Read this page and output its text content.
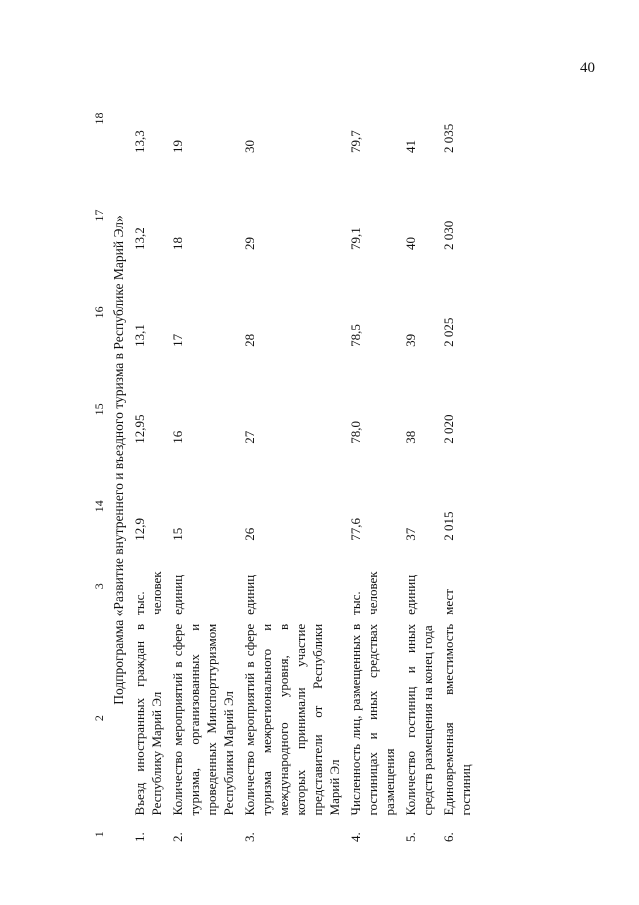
40
1	2	3	14	15	16	17	18
Подпрограмма «Развитие внутреннего и въездного туризма в Республике Марий Эл»							
1.	Въезд иностранных граждан в Республику Марий Эл	тыс. человек	12,9	12,95	13,1	13,2	13,3
2.	Количество мероприятий в сфере туризма, организованных и проведенных Минспорттуризмом Республики Марий Эл	единиц	15	16	17	18	19
3.	Количество мероприятий в сфере туризма межрегионального и международного уровня, в которых принимали участие представители от Республики Марий Эл	единиц	26	27	28	29	30
4.	Численность лиц, размещенных в гостиницах и иных средствах размещения	тыс. человек	77,6	78,0	78,5	79,1	79,7
5.	Количество гостиниц и иных средств размещения на конец года	единиц	37	38	39	40	41
6.	Единовременная вместимость гостиниц	мест	2 015	2 020	2 025	2 030	2 035
